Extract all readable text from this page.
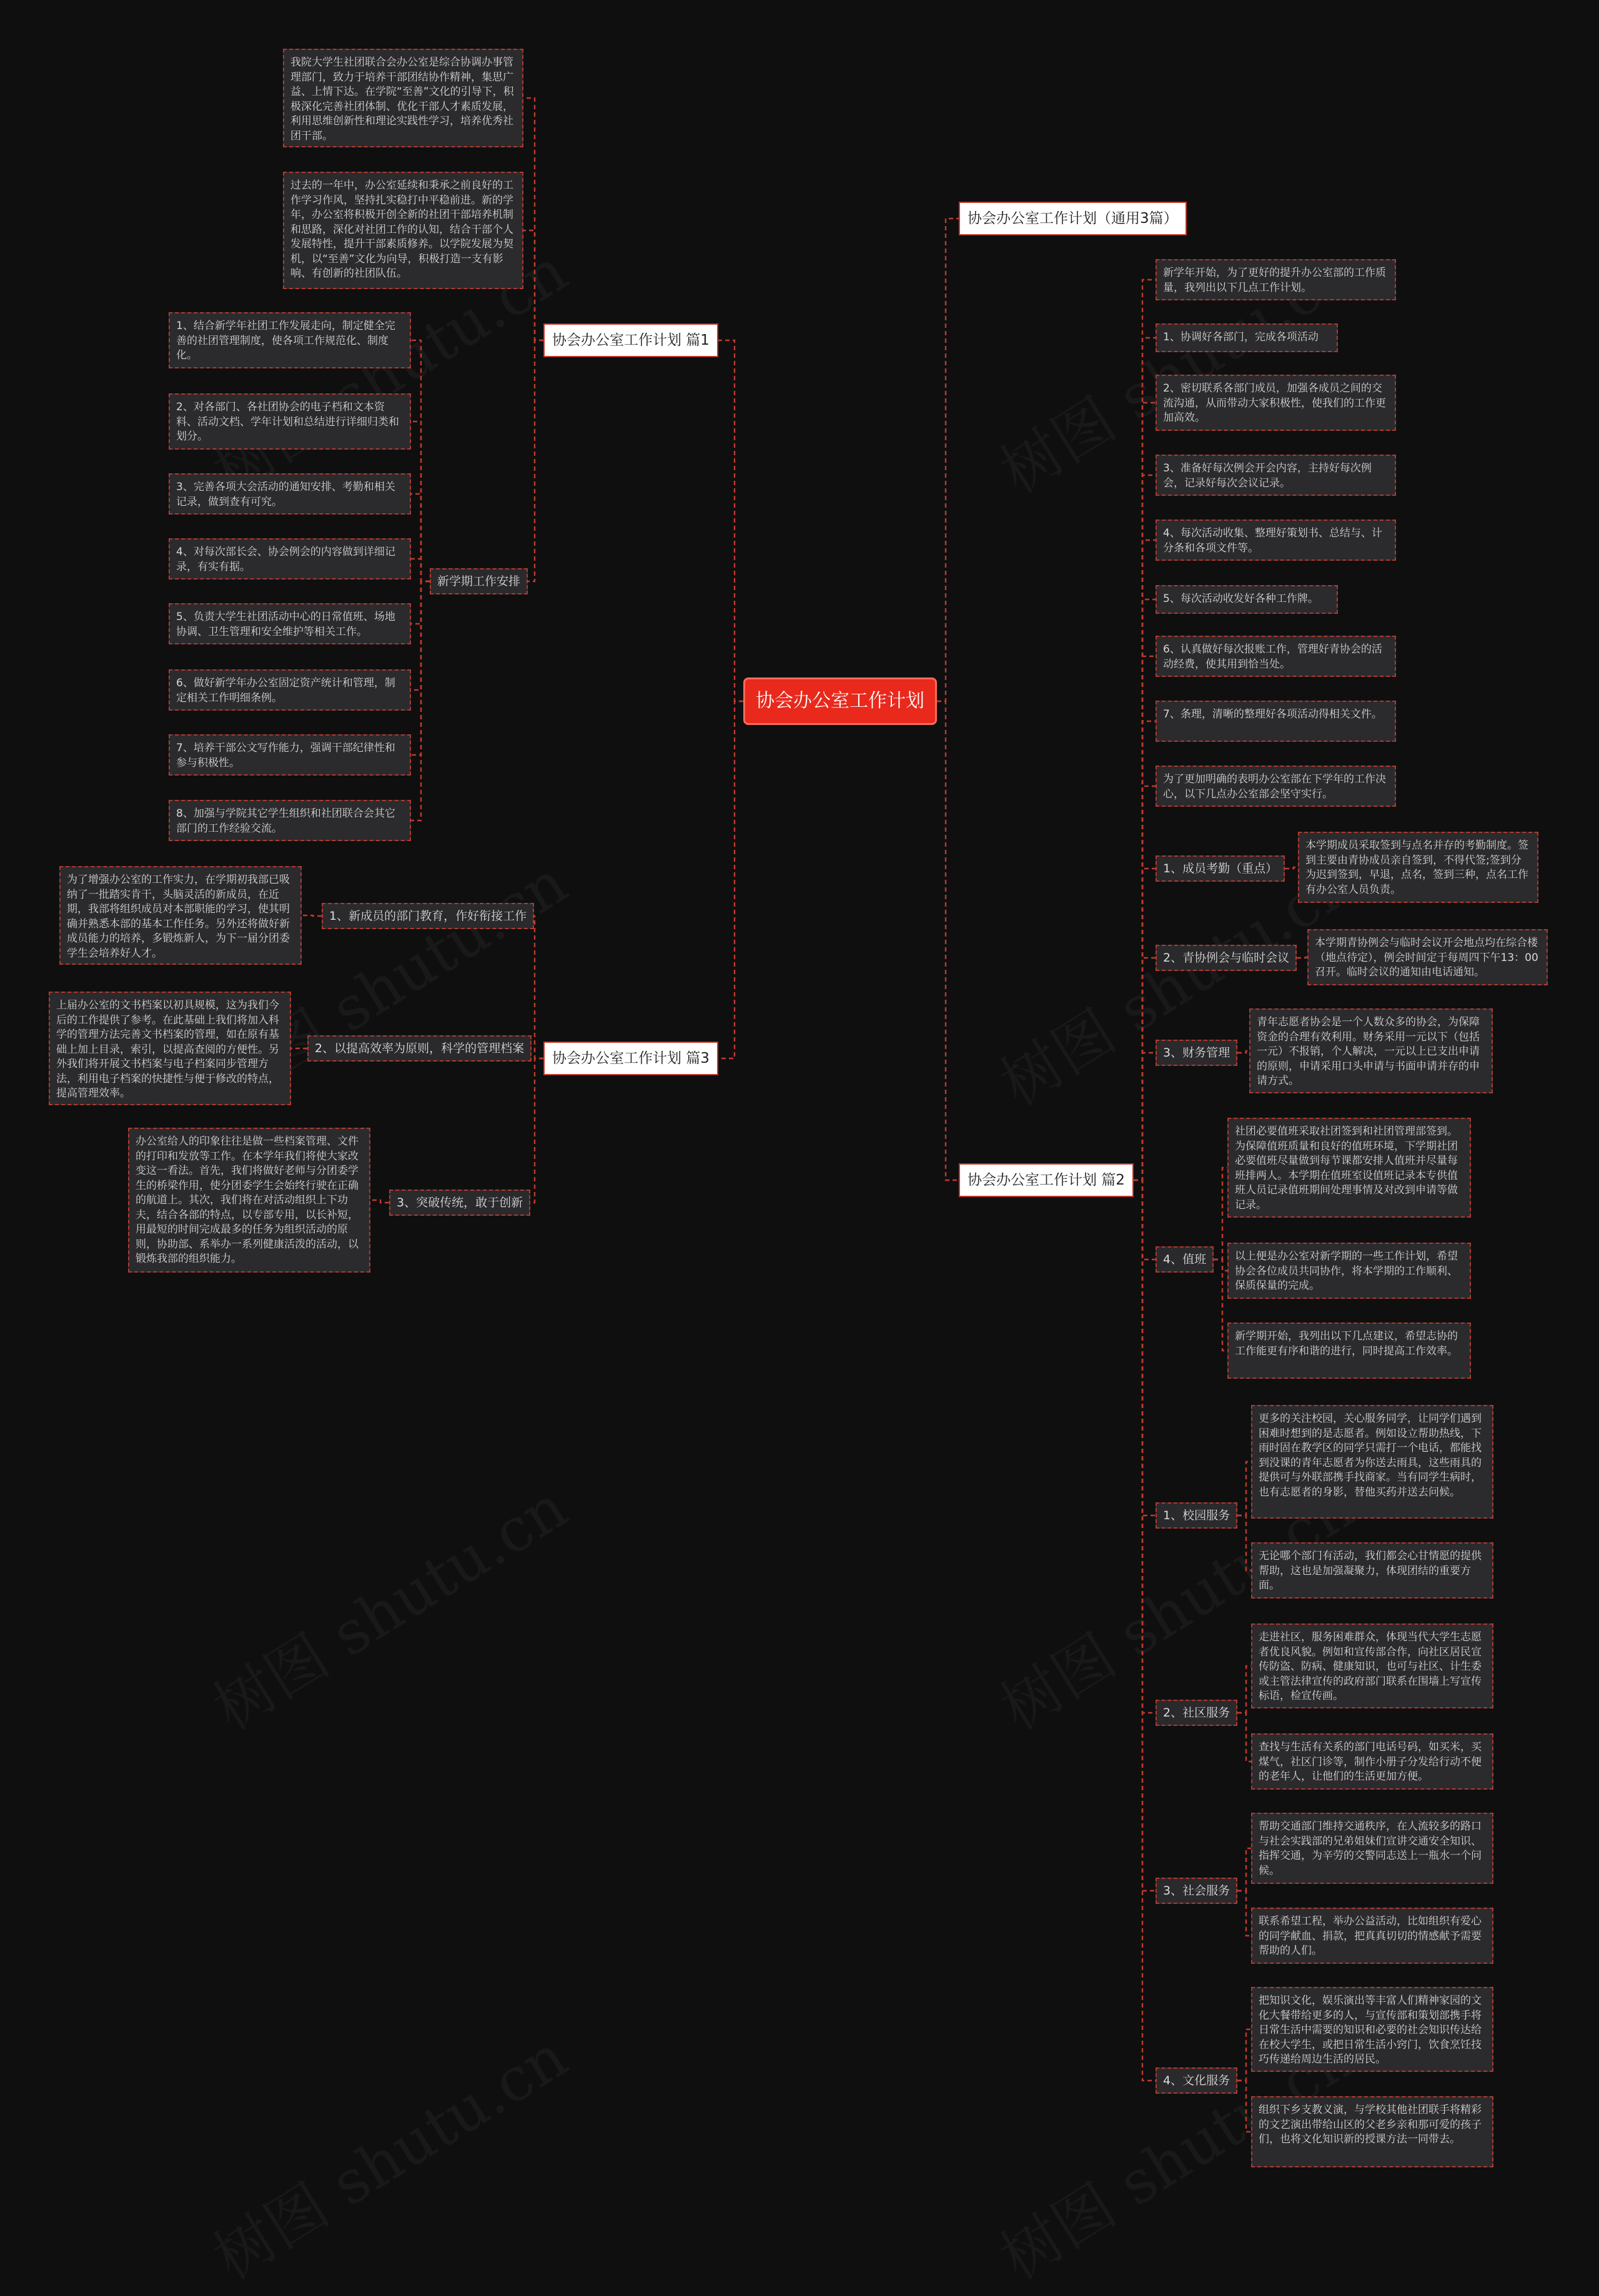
协会办公室工作计划
协会办公室工作计划（通用3篇）
协会办公室工作计划 篇1
协会办公室工作计划 篇3
协会办公室工作计划 篇2
我院大学生社团联合会办公室是综合协调办事管理部门，致力于培养干部团结协作精神，集思广益、上情下达。在学院“至善”文化的引导下，积极深化完善社团体制、优化干部人才素质发展，利用思维创新性和理论实践性学习，培养优秀社团干部。
过去的一年中，办公室延续和秉承之前良好的工作学习作风，坚持扎实稳打中平稳前进。新的学年，办公室将积极开创全新的社团干部培养机制和思路，深化对社团工作的认知，结合干部个人发展特性，提升干部素质修养。以学院发展为契机，以“至善”文化为向导，积极打造一支有影响、有创新的社团队伍。
新学期工作安排
1、结合新学年社团工作发展走向，制定健全完善的社团管理制度，使各项工作规范化、制度化。
2、对各部门、各社团协会的电子档和文本资料、活动文档、学年计划和总结进行详细归类和划分。
3、完善各项大会活动的通知安排、考勤和相关记录，做到查有可究。
4、对每次部长会、协会例会的内容做到详细记录，有实有据。
5、负责大学生社团活动中心的日常值班、场地协调、卫生管理和安全维护等相关工作。
6、做好新学年办公室固定资产统计和管理，制定相关工作明细条例。
7、培养干部公文写作能力，强调干部纪律性和参与积极性。
8、加强与学院其它学生组织和社团联合会其它部门的工作经验交流。
1、新成员的部门教育，作好衔接工作
为了增强办公室的工作实力，在学期初我部已吸纳了一批踏实肯干，头脑灵活的新成员，在近期，我部将组织成员对本部职能的学习，使其明确并熟悉本部的基本工作任务。另外还将做好新成员能力的培养，多锻炼新人，为下一届分团委学生会培养好人才。
2、以提高效率为原则，科学的管理档案
上届办公室的文书档案以初具规模，这为我们今后的工作提供了参考。在此基础上我们将加入科学的管理方法完善文书档案的管理，如在原有基础上加上目录，索引，以提高查阅的方便性。另外我们将开展文书档案与电子档案同步管理方法，利用电子档案的快捷性与便于修改的特点，提高管理效率。
3、突破传统，敢于创新
办公室给人的印象往往是做一些档案管理、文件的打印和发放等工作。在本学年我们将使大家改变这一看法。首先，我们将做好老师与分团委学生的桥梁作用，使分团委学生会始终行驶在正确的航道上。其次，我们将在对活动组织上下功夫，结合各部的特点，以专部专用，以长补短，用最短的时间完成最多的任务为组织活动的原则，协助部、系举办一系列健康活泼的活动，以锻炼我部的组织能力。
新学年开始，为了更好的提升办公室部的工作质量，我列出以下几点工作计划。
1、协调好各部门，完成各项活动
2、密切联系各部门成员，加强各成员之间的交流沟通，从而带动大家积极性，使我们的工作更加高效。
3、准备好每次例会开会内容，主持好每次例会，记录好每次会议记录。
4、每次活动收集、整理好策划书、总结与、计分条和各项文件等。
5、每次活动收发好各种工作牌。
6、认真做好每次报账工作，管理好青协会的活动经费，使其用到恰当处。
7、条理，清晰的整理好各项活动得相关文件。
为了更加明确的表明办公室部在下学年的工作决心，以下几点办公室部会坚守实行。
1、成员考勤（重点）
本学期成员采取签到与点名并存的考勤制度。签到主要由青协成员亲自签到，不得代签;签到分为迟到签到，早退，点名，签到三种，点名工作有办公室人员负责。
2、青协例会与临时会议
本学期青协例会与临时会议开会地点均在综合楼（地点待定），例会时间定于每周四下午13：00召开。临时会议的通知由电话通知。
3、财务管理
青年志愿者协会是一个人数众多的协会，为保障资金的合理有效利用。财务采用一元以下（包括一元）不报销，个人解决，一元以上已支出申请的原则，申请采用口头申请与书面申请并存的申请方式。
4、值班
社团必要值班采取社团签到和社团管理部签到。为保障值班质量和良好的值班环境，下学期社团必要值班尽量做到每节课都安排人值班并尽量每班排两人。本学期在值班室设值班记录本专供值班人员记录值班期间处理事情及对改到申请等做记录。
以上便是办公室对新学期的一些工作计划，希望协会各位成员共同协作，将本学期的工作顺利、保质保量的完成。
新学期开始，我列出以下几点建议，希望志协的工作能更有序和谐的进行，同时提高工作效率。
1、校园服务
更多的关注校园，关心服务同学，让同学们遇到困难时想到的是志愿者。例如设立帮助热线，下雨时固在教学区的同学只需打一个电话，都能找到没课的青年志愿者为你送去雨具，这些雨具的提供可与外联部携手找商家。当有同学生病时，也有志愿者的身影，替他买药并送去问候。
无论哪个部门有活动，我们都会心甘情愿的提供帮助，这也是加强凝聚力，体现团结的重要方面。
2、社区服务
走进社区，服务困难群众，体现当代大学生志愿者优良风貌。例如和宣传部合作，向社区居民宣传防盗、防病、健康知识，也可与社区、计生委或主管法律宣传的政府部门联系在围墙上写宣传标语，检宣传画。
查找与生活有关系的部门电话号码，如买米，买煤气，社区门诊等，制作小册子分发给行动不便的老年人，让他们的生活更加方便。
3、社会服务
帮助交通部门维持交通秩序，在人流较多的路口与社会实践部的兄弟姐妹们宣讲交通安全知识、指挥交通，为辛劳的交警同志送上一瓶水一个问候。
联系希望工程，举办公益活动，比如组织有爱心的同学献血、捐款，把真真切切的情感献予需要帮助的人们。
4、文化服务
把知识文化，娱乐演出等丰富人们精神家园的文化大餐带给更多的人，与宣传部和策划部携手将日常生活中需要的知识和必要的社会知识传达给在校大学生，或把日常生活小窍门，饮食烹饪技巧传递给周边生活的居民。
组织下乡支教义演，与学校其他社团联手将精彩的文艺演出带给山区的父老乡亲和那可爱的孩子们，也将文化知识新的授课方法一同带去。
